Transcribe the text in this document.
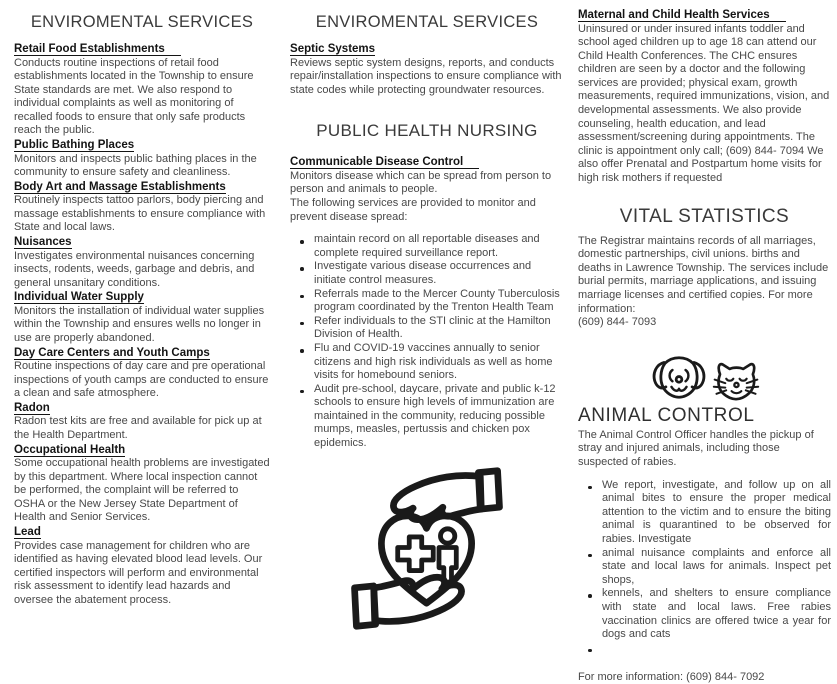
ENVIROMENTAL SERVICES
Retail Food Establishments

Conducts routine inspections of retail food establishments located in the Township to ensure State standards are met. We also respond to individual complaints as well as monitoring of recalled foods to ensure that only safe products reach the public.

Public Bathing Places

Monitors and inspects public bathing places in the community to ensure safety and cleanliness.

Body Art and Massage Establishments

Routinely inspects tattoo parlors, body piercing and massage establishments to ensure compliance with State and local laws.

Nuisances

Investigates environmental nuisances concerning insects, rodents, weeds, garbage and debris, and general unsanitary conditions.

Individual Water Supply

Monitors the installation of individual water supplies within the Township and ensures wells no longer in use are properly abandoned.

Day Care Centers and Youth Camps

Routine inspections of day care and pre operational inspections of youth camps are conducted to ensure a clean and safe atmosphere.

Radon

Radon test kits are free and available for pick up at the Health Department.

Occupational Health

Some occupational health problems are investigated by this department. Where local inspection cannot be performed, the complaint will be referred to OSHA or the New Jersey State Department of Health and Senior Services.

Lead

Provides case management for children who are identified as having elevated blood lead levels. Our certified inspectors will perform and environmental risk assessment to identify lead hazards and oversee the abatement process.

ENVIROMENTAL SERVICES
Septic Systems

Reviews septic system designs, reports, and conducts repair/installation inspections to ensure compliance with state codes while protecting groundwater resources.

PUBLIC HEALTH NURSING
Communicable Disease Control

Monitors disease which can be spread from person to person and animals to people.

The following services are provided to monitor and prevent disease spread:

maintain record on all reportable diseases and complete required surveillance report.
Investigate various disease occurrences and initiate control measures.
Referrals made to the Mercer County Tuberculosis program coordinated by the Trenton Health Team
Refer individuals to the STI clinic at the Hamilton Division of Health.
Flu and COVID-19 vaccines annually to senior citizens and high risk individuals as well as home visits for homebound seniors.
Audit pre-school, daycare, private and public k-12 schools to ensure high levels of immunization are maintained in the community, reducing possible mumps, measles, pertussis and chicken pox epidemics.
Maternal and Child Health Services

Uninsured or under insured infants toddler and school aged children up to age 18 can attend our Child Health Conferences. The CHC ensures children are seen by a doctor and the following services are provided; physical exam, growth measurements, required immunizations, vision, and developmental assessments. We also provide counseling, health education, and lead assessment/screening during appointments. The clinic is appointment only call; (609) 844- 7094 We also offer Prenatal and Postpartum home visits for high risk mothers if requested

VITAL STATISTICS

The Registrar maintains records of all marriages, domestic partnerships, civil unions. births and deaths in Lawrence Township. The services include burial permits, marriage applications, and issuing marriage licenses and certified copies. For more information:

(609) 844- 7093

ANIMAL CONTROL

The Animal Control Officer handles the pickup of stray and injured animals, including those suspected of rabies.

We report, investigate, and follow up on all animal bites to ensure the proper medical attention to the victim and to ensure the biting animal is quarantined to be observed for rabies. Investigate
animal nuisance complaints and enforce all state and local laws for animals. Inspect pet shops,
kennels, and shelters to ensure compliance with state and local laws. Free rabies vaccination clinics are offered twice a year for dogs and cats

For more information: (609) 844- 7092
